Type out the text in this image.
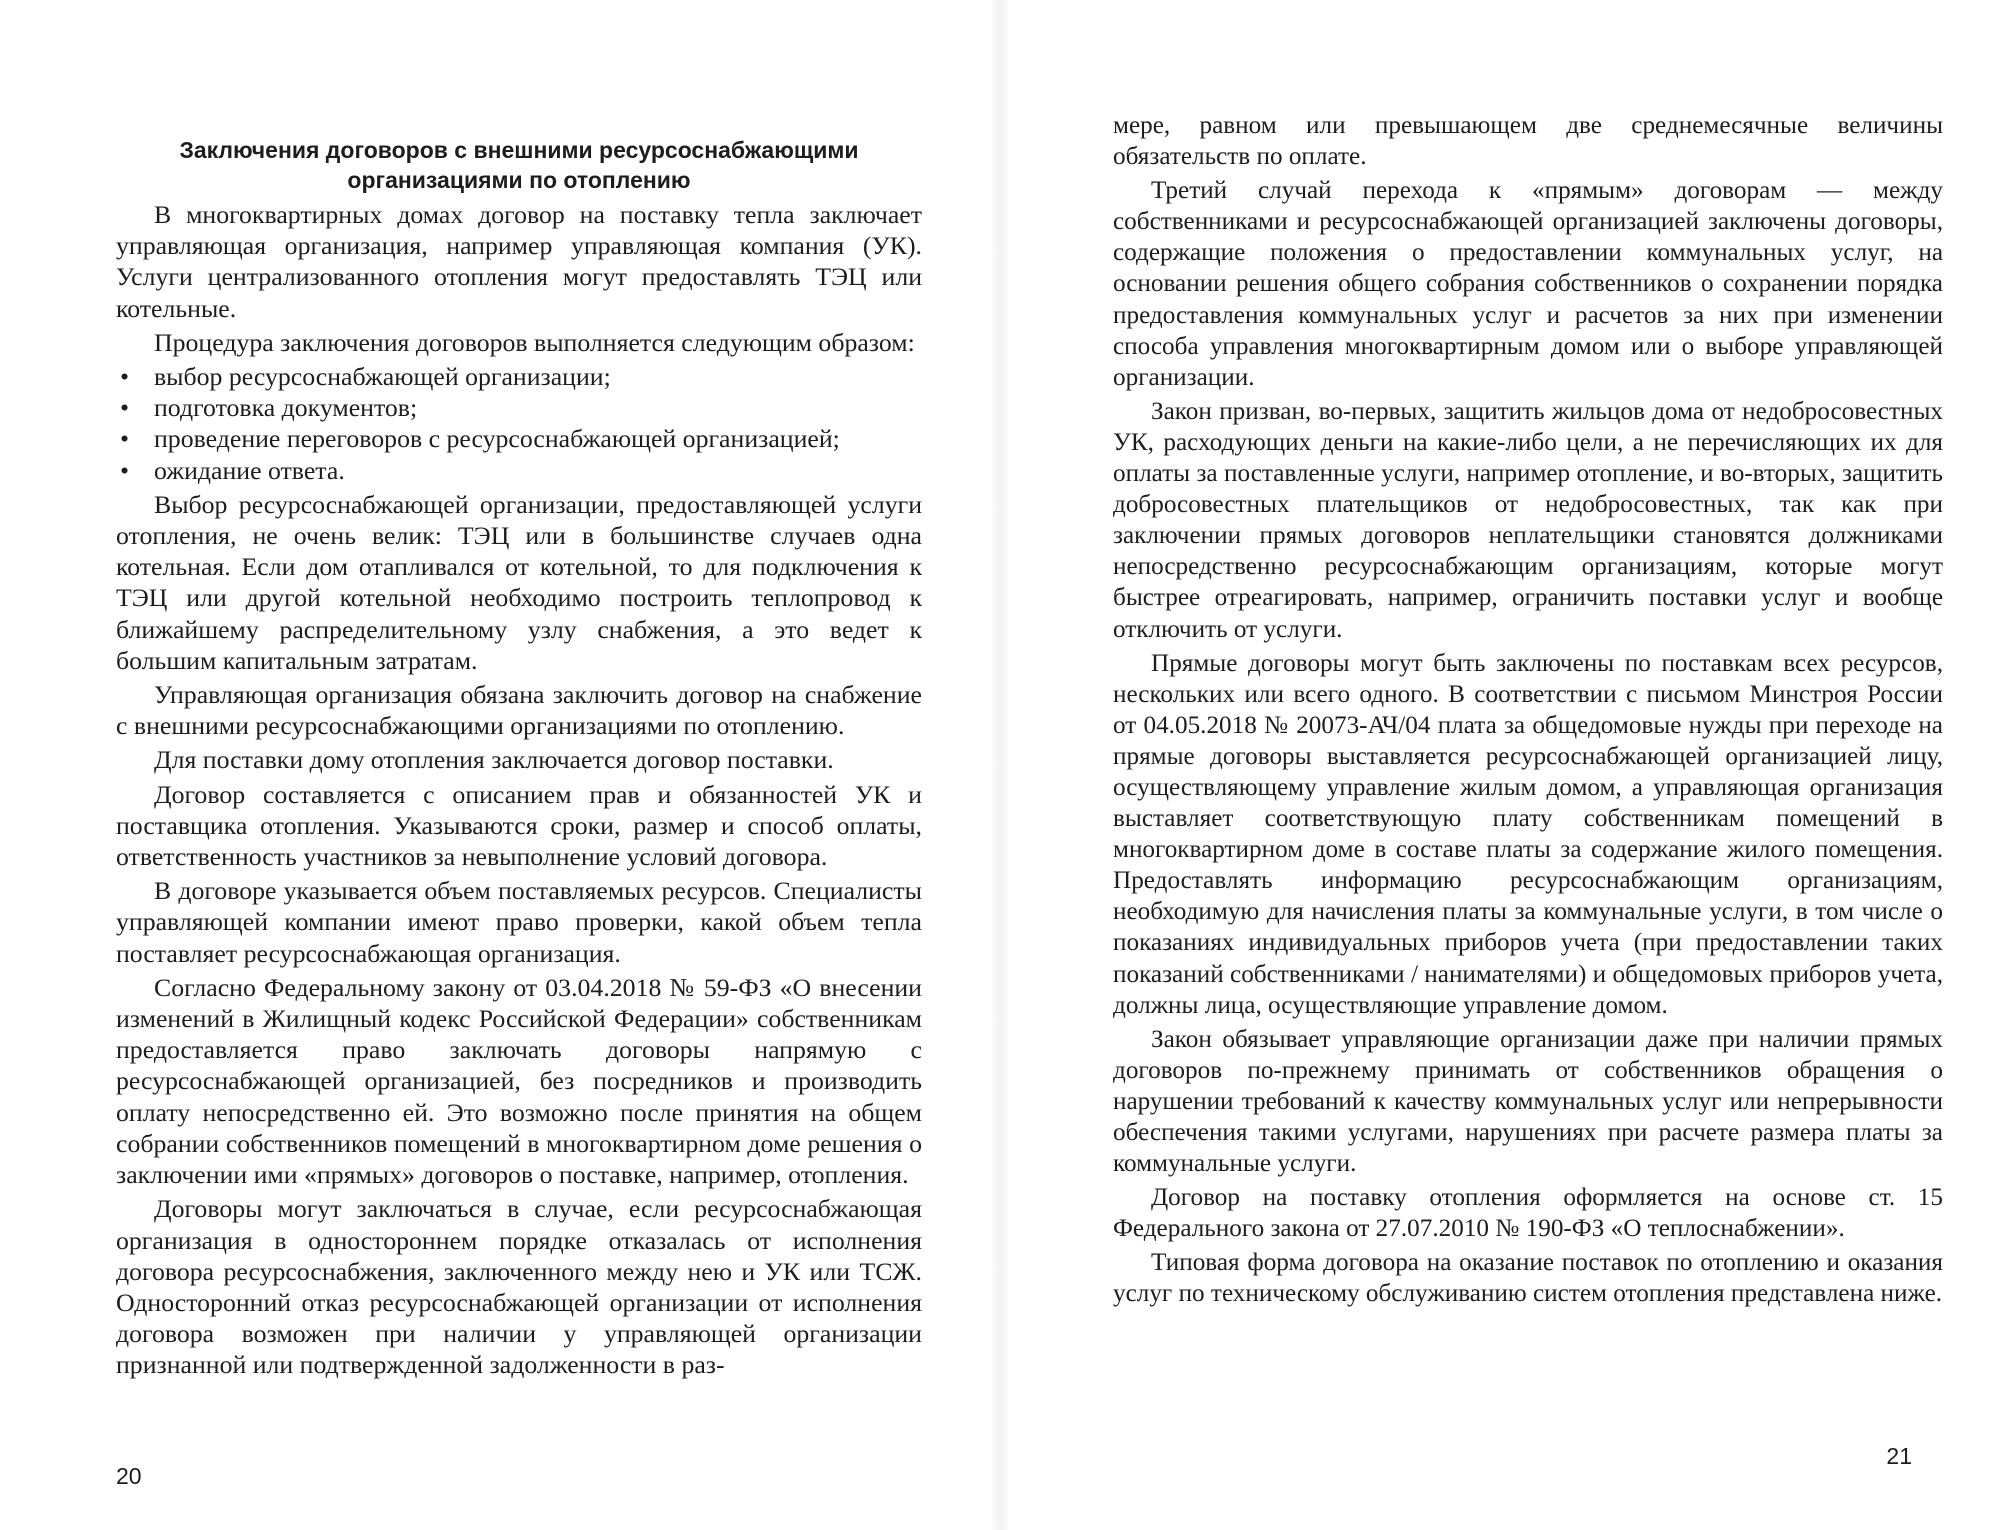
Заключения договоров с внешними ресурсоснабжающими организациями по отоплению

В многоквартирных домах договор на поставку тепла заключает управляющая организация, например управляющая компания (УК). Услуги централизованного отопления могут предоставлять ТЭЦ или котельные.

Процедура заключения договоров выполняется следующим образом:

• выбор ресурсоснабжающей организации;
• подготовка документов;
• проведение переговоров с ресурсоснабжающей организацией;
• ожидание ответа.

Выбор ресурсоснабжающей организации, предоставляющей услуги отопления, не очень велик: ТЭЦ или в большинстве случаев одна котельная. Если дом отапливался от котельной, то для подключения к ТЭЦ или другой котельной необходимо построить теплопровод к ближайшему распределительному узлу снабжения, а это ведет к большим капитальным затратам.

Управляющая организация обязана заключить договор на снабжение с внешними ресурсоснабжающими организациями по отоплению.

Для поставки дому отопления заключается договор поставки.

Договор составляется с описанием прав и обязанностей УК и поставщика отопления. Указываются сроки, размер и способ оплаты, ответственность участников за невыполнение условий договора.

В договоре указывается объем поставляемых ресурсов. Специалисты управляющей компании имеют право проверки, какой объем тепла поставляет ресурсоснабжающая организация.

Согласно Федеральному закону от 03.04.2018 № 59-ФЗ «О внесении изменений в Жилищный кодекс Российской Федерации» собственникам предоставляется право заключать договоры напрямую с ресурсоснабжающей организацией, без посредников и производить оплату непосредственно ей. Это возможно после принятия на общем собрании собственников помещений в многоквартирном доме решения о заключении ими «прямых» договоров о поставке, например, отопления.

Договоры могут заключаться в случае, если ресурсоснабжающая организация в одностороннем порядке отказалась от исполнения договора ресурсоснабжения, заключенного между нею и УК или ТСЖ. Односторонний отказ ресурсоснабжающей организации от исполнения договора возможен при наличии у управляющей организации признанной или подтвержденной задолженности в раз-

20

мере, равном или превышающем две среднемесячные величины обязательств по оплате.

Третий случай перехода к «прямым» договорам — между собственниками и ресурсоснабжающей организацией заключены договоры, содержащие положения о предоставлении коммунальных услуг, на основании решения общего собрания собственников о сохранении порядка предоставления коммунальных услуг и расчетов за них при изменении способа управления многоквартирным домом или о выборе управляющей организации.

Закон призван, во-первых, защитить жильцов дома от недобросовестных УК, расходующих деньги на какие-либо цели, а не перечисляющих их для оплаты за поставленные услуги, например отопление, и во-вторых, защитить добросовестных плательщиков от недобросовестных, так как при заключении прямых договоров неплательщики становятся должниками непосредственно ресурсоснабжающим организациям, которые могут быстрее отреагировать, например, ограничить поставки услуг и вообще отключить от услуги.

Прямые договоры могут быть заключены по поставкам всех ресурсов, нескольких или всего одного. В соответствии с письмом Минстроя России от 04.05.2018 № 20073-АЧ/04 плата за общедомовые нужды при переходе на прямые договоры выставляется ресурсоснабжающей организацией лицу, осуществляющему управление жилым домом, а управляющая организация выставляет соответствующую плату собственникам помещений в многоквартирном доме в составе платы за содержание жилого помещения. Предоставлять информацию ресурсоснабжающим организациям, необходимую для начисления платы за коммунальные услуги, в том числе о показаниях индивидуальных приборов учета (при предоставлении таких показаний собственниками / нанимателями) и общедомовых приборов учета, должны лица, осуществляющие управление домом.

Закон обязывает управляющие организации даже при наличии прямых договоров по-прежнему принимать от собственников обращения о нарушении требований к качеству коммунальных услуг или непрерывности обеспечения такими услугами, нарушениях при расчете размера платы за коммунальные услуги.

Договор на поставку отопления оформляется на основе ст. 15 Федерального закона от 27.07.2010 № 190-ФЗ «О теплоснабжении».

Типовая форма договора на оказание поставок по отоплению и оказания услуг по техническому обслуживанию систем отопления представлена ниже.

21
